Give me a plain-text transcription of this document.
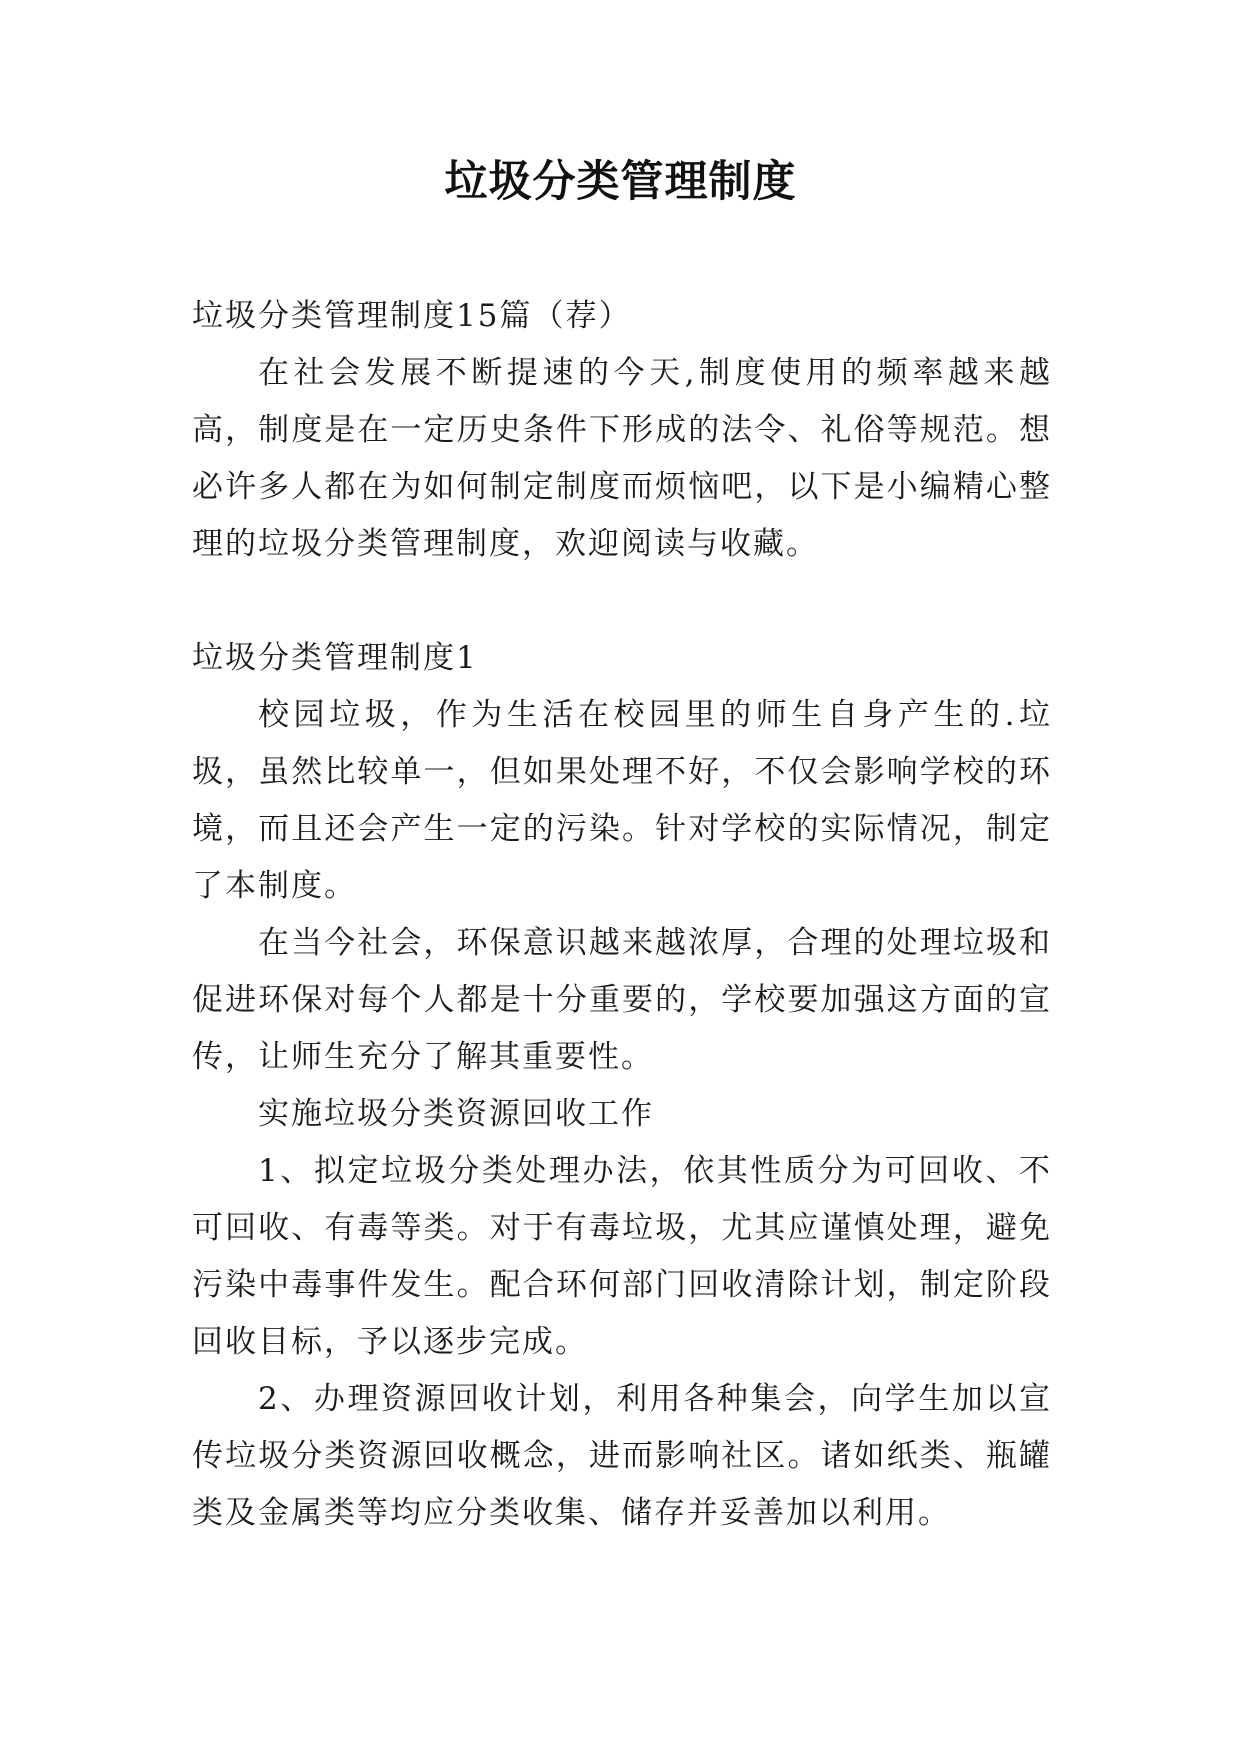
垃圾分类管理制度

垃圾分类管理制度15篇（荐）

在社会发展不断提速的今天,制度使用的频率越来越高，制度是在一定历史条件下形成的法令、礼俗等规范。想必许多人都在为如何制定制度而烦恼吧，以下是小编精心整理的垃圾分类管理制度，欢迎阅读与收藏。

垃圾分类管理制度1

校园垃圾，作为生活在校园里的师生自身产生的.垃圾，虽然比较单一，但如果处理不好，不仅会影响学校的环境，而且还会产生一定的污染。针对学校的实际情况，制定了本制度。

在当今社会，环保意识越来越浓厚，合理的处理垃圾和促进环保对每个人都是十分重要的，学校要加强这方面的宣传，让师生充分了解其重要性。

实施垃圾分类资源回收工作

1、拟定垃圾分类处理办法，依其性质分为可回收、不可回收、有毒等类。对于有毒垃圾，尤其应谨慎处理，避免污染中毒事件发生。配合环何部门回收清除计划，制定阶段回收目标，予以逐步完成。

2、办理资源回收计划，利用各种集会，向学生加以宣传垃圾分类资源回收概念，进而影响社区。诸如纸类、瓶罐类及金属类等均应分类收集、储存并妥善加以利用。
